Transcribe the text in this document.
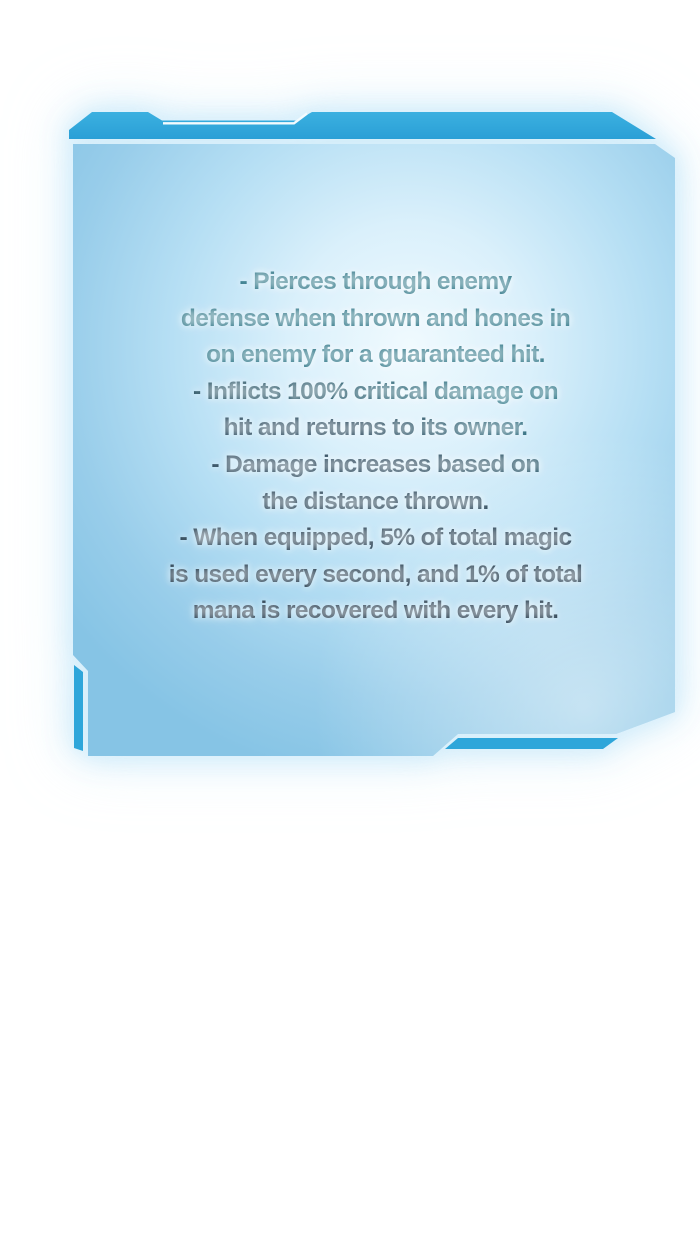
- Pierces through enemy
defense when thrown and hones in
on enemy for a guaranteed hit.
- Inflicts 100% critical damage on
hit and returns to its owner.
- Damage increases based on
the distance thrown.
- When equipped, 5% of total magic
is used every second, and 1% of total
mana is recovered with every hit.
